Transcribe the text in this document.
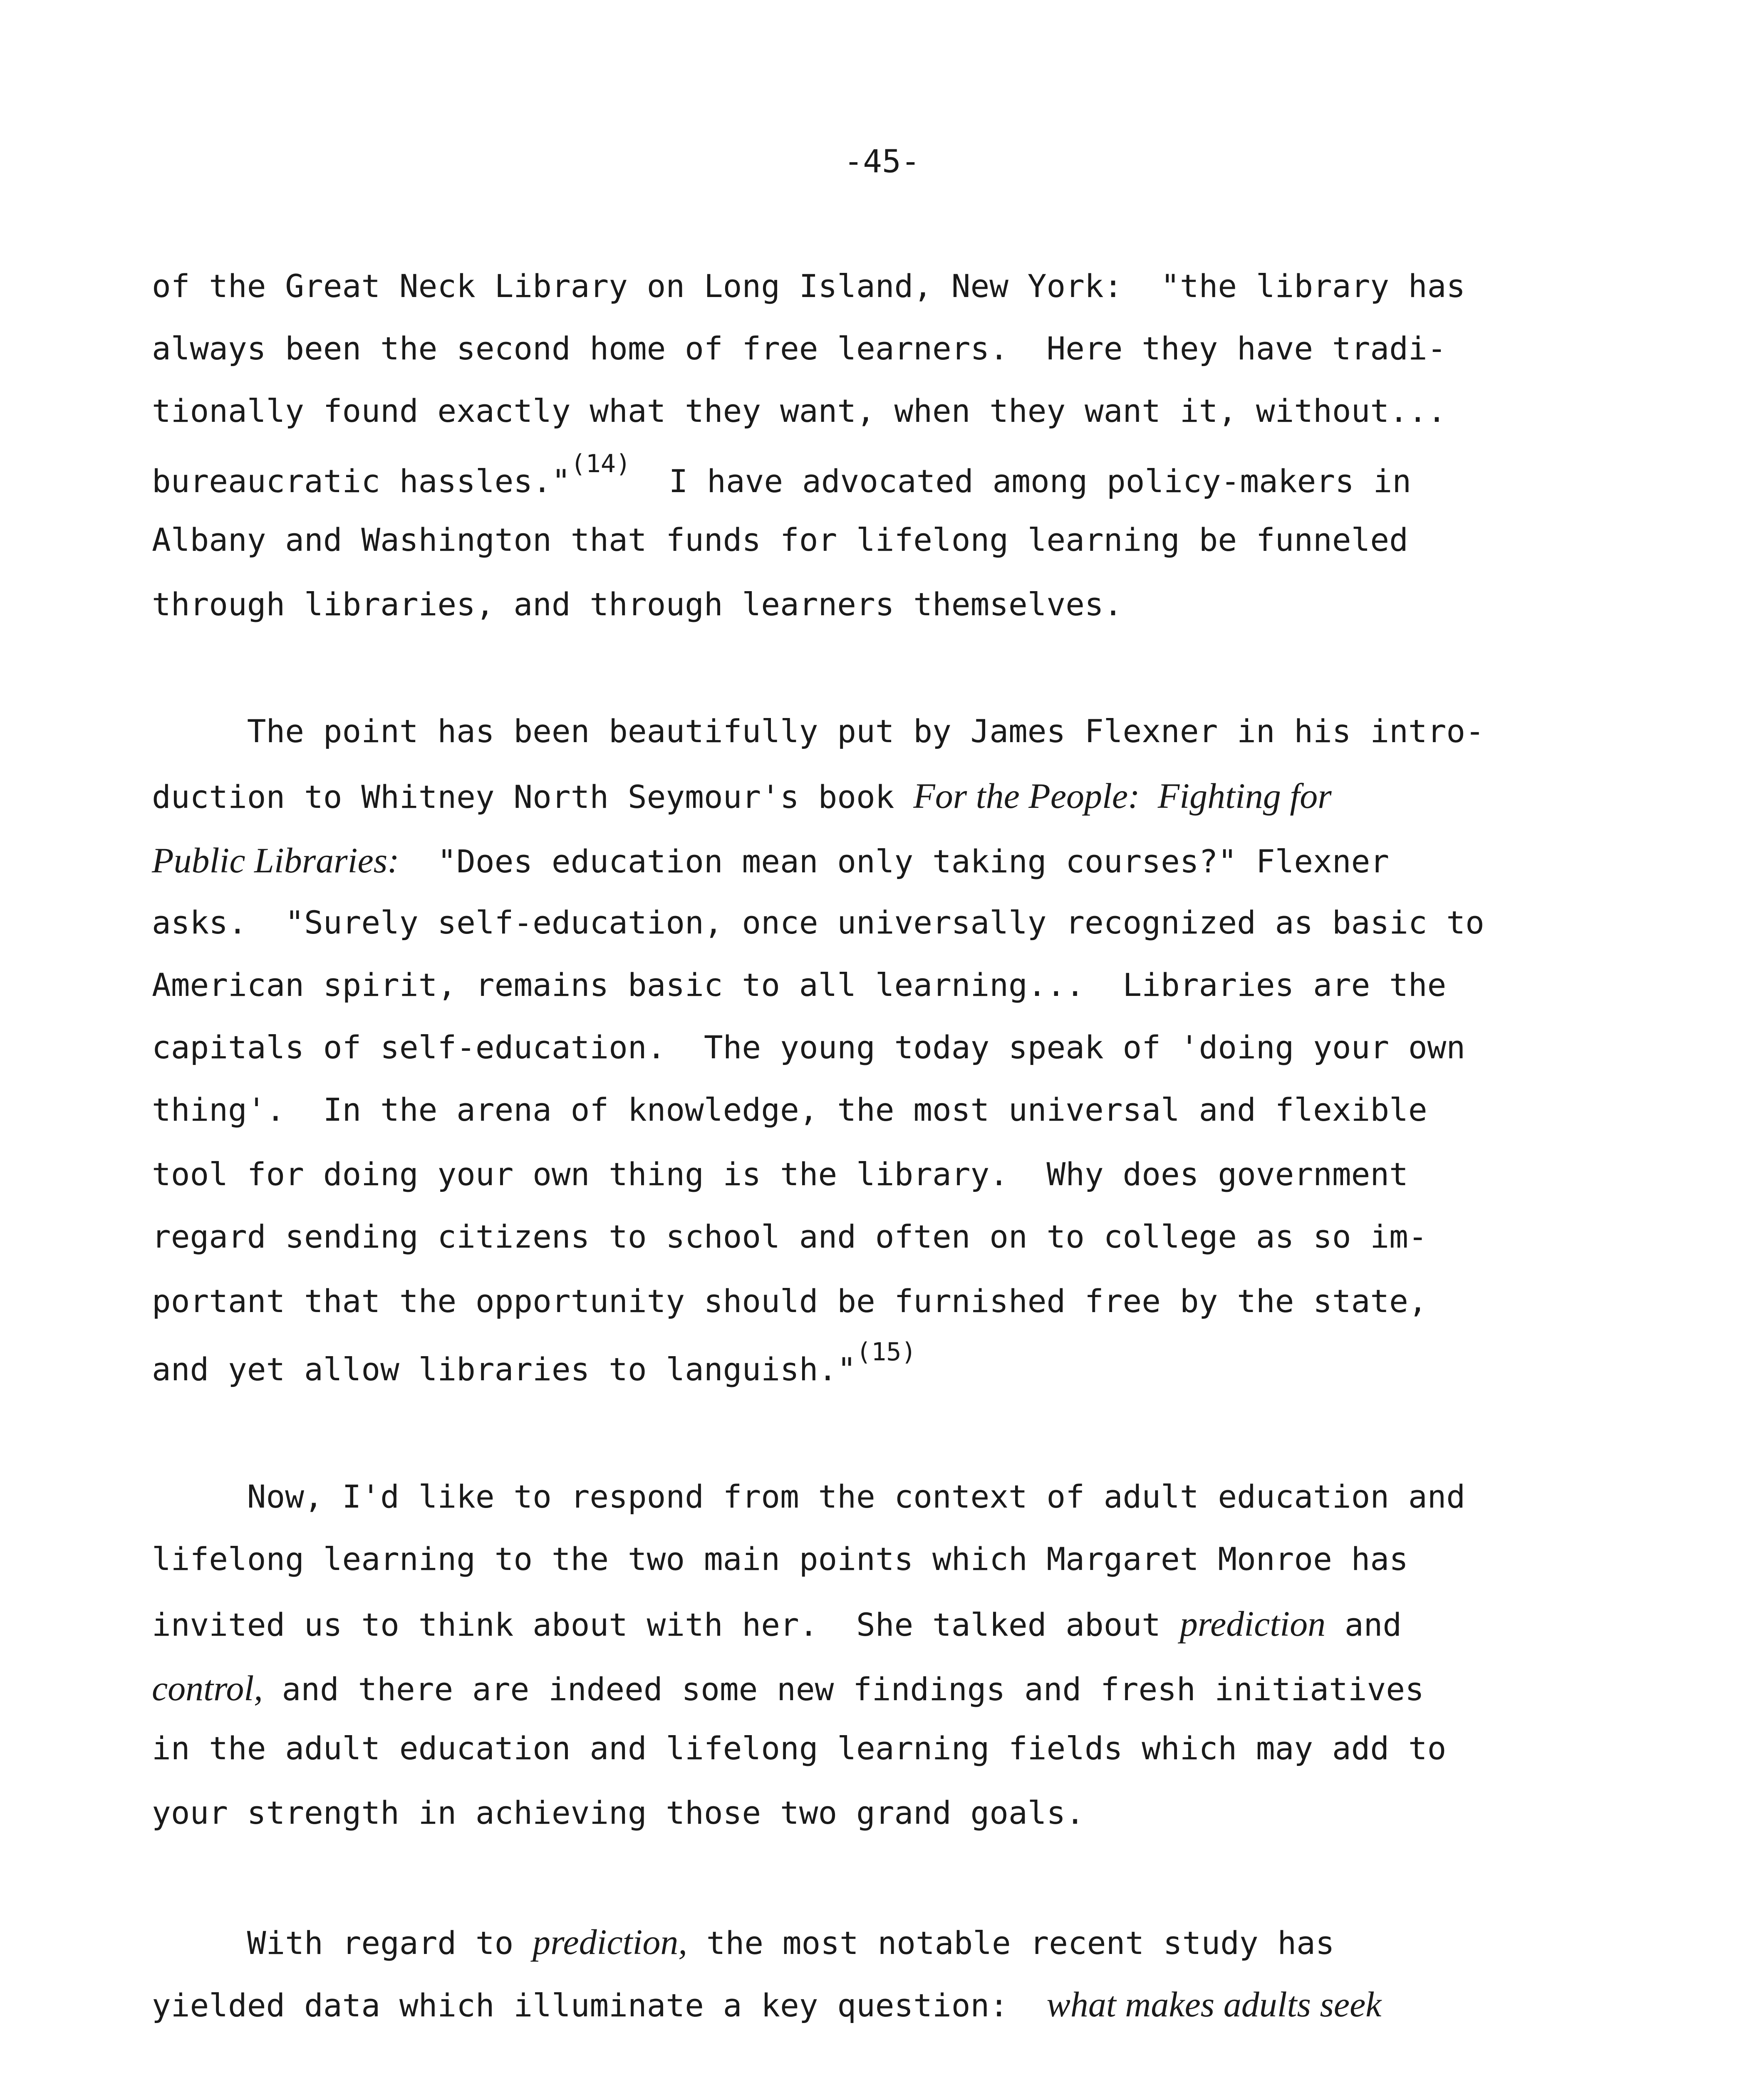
-45-
of the Great Neck Library on Long Island, New York:  "the library has
always been the second home of free learners.  Here they have tradi-
tionally found exactly what they want, when they want it, without...
bureaucratic hassles."$^{(14)}$  I have advocated among policy-makers in
Albany and Washington that funds for lifelong learning be funneled
through libraries, and through learners themselves.
The point has been beautifully put by James Flexner in his intro-
duction to Whitney North Seymour's book For the People:  Fighting for
Public Libraries:  "Does education mean only taking courses?" Flexner
asks.  "Surely self-education, once universally recognized as basic to
American spirit, remains basic to all learning...  Libraries are the
capitals of self-education.  The young today speak of 'doing your own
thing'.  In the arena of knowledge, the most universal and flexible
tool for doing your own thing is the library.  Why does government
regard sending citizens to school and often on to college as so im-
portant that the opportunity should be furnished free by the state,
and yet allow libraries to languish."$^{(15)}$
Now, I'd like to respond from the context of adult education and
lifelong learning to the two main points which Margaret Monroe has
invited us to think about with her.  She talked about prediction and
control, and there are indeed some new findings and fresh initiatives
in the adult education and lifelong learning fields which may add to
your strength in achieving those two grand goals.
With regard to prediction, the most notable recent study has
yielded data which illuminate a key question:  what makes adults seek
